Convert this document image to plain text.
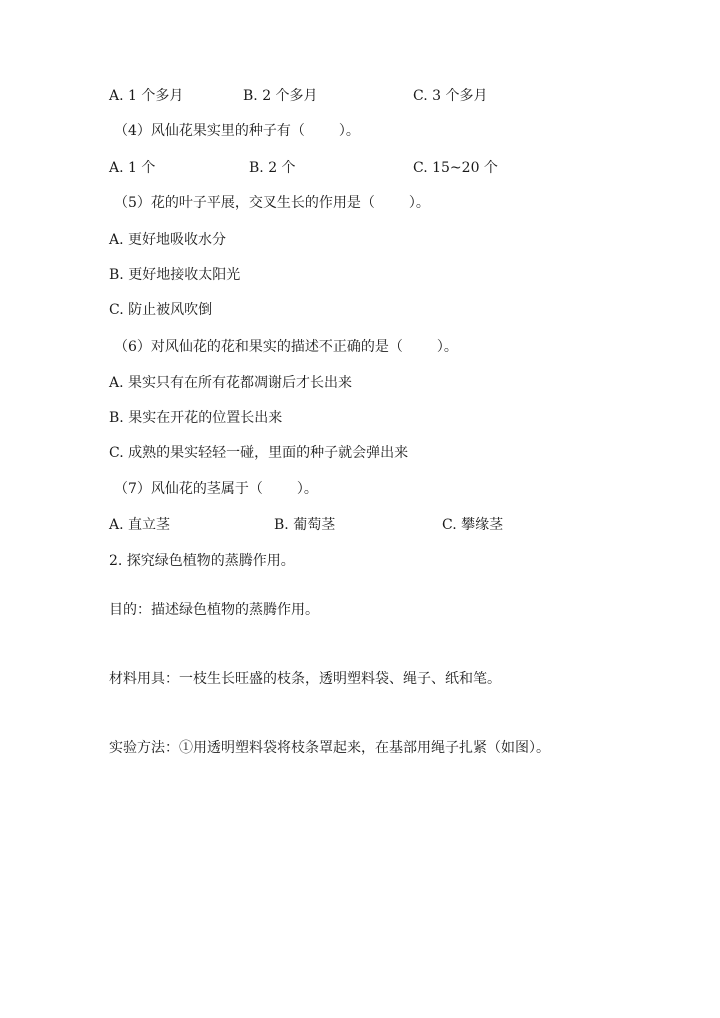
A. 1 个多月	B. 2 个多月	C. 3 个多月

（4）风仙花果实里的种子有（ ）。

A. 1 个	B. 2 个	C. 15~20 个

（5）花的叶子平展，交叉生长的作用是（ ）。

A. 更好地吸收水分

B. 更好地接收太阳光

C. 防止被风吹倒

（6）对风仙花的花和果实的描述不正确的是（ ）。

A. 果实只有在所有花都凋谢后才长出来

B. 果实在开花的位置长出来

C. 成熟的果实轻轻一碰，里面的种子就会弹出来

（7）风仙花的茎属于（ ）。

A. 直立茎	B. 葡萄茎	C. 攀缘茎

2. 探究绿色植物的蒸腾作用。

目的：描述绿色植物的蒸腾作用。

材料用具：一枝生长旺盛的枝条，透明塑料袋、绳子、纸和笔。

实验方法：①用透明塑料袋将枝条罩起来，在基部用绳子扎紧（如图）。
